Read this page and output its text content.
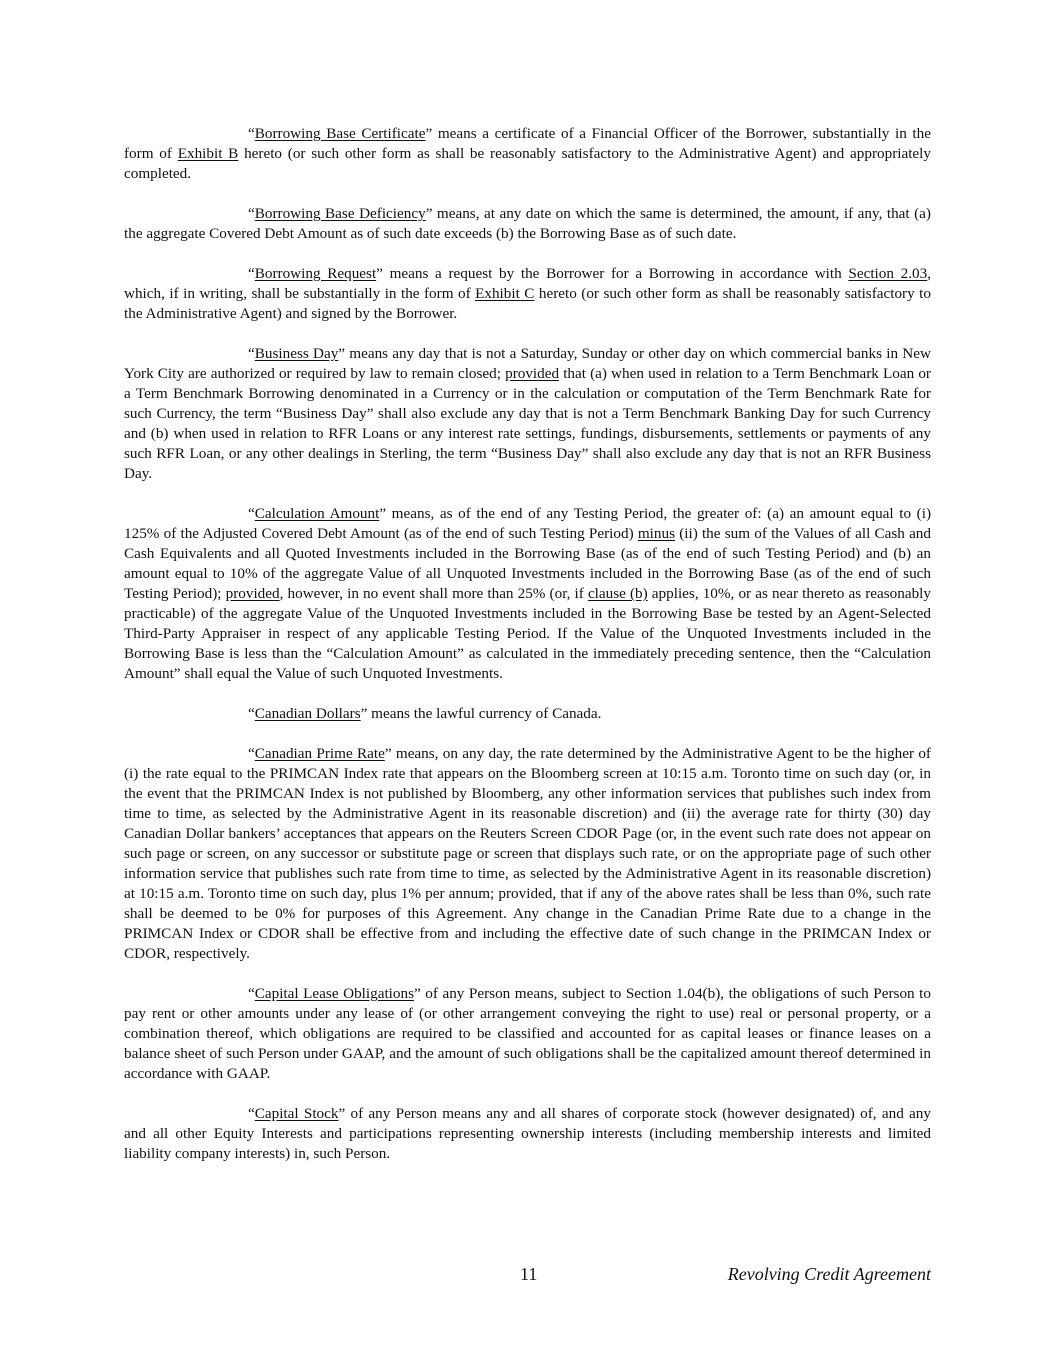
“Borrowing Base Certificate” means a certificate of a Financial Officer of the Borrower, substantially in the form of Exhibit B hereto (or such other form as shall be reasonably satisfactory to the Administrative Agent) and appropriately completed.

“Borrowing Base Deficiency” means, at any date on which the same is determined, the amount, if any, that (a) the aggregate Covered Debt Amount as of such date exceeds (b) the Borrowing Base as of such date.

“Borrowing Request” means a request by the Borrower for a Borrowing in accordance with Section 2.03, which, if in writing, shall be substantially in the form of Exhibit C hereto (or such other form as shall be reasonably satisfactory to the Administrative Agent) and signed by the Borrower.

“Business Day” means any day that is not a Saturday, Sunday or other day on which commercial banks in New York City are authorized or required by law to remain closed; provided that (a) when used in relation to a Term Benchmark Loan or a Term Benchmark Borrowing denominated in a Currency or in the calculation or computation of the Term Benchmark Rate for such Currency, the term “Business Day” shall also exclude any day that is not a Term Benchmark Banking Day for such Currency and (b) when used in relation to RFR Loans or any interest rate settings, fundings, disbursements, settlements or payments of any such RFR Loan, or any other dealings in Sterling, the term “Business Day” shall also exclude any day that is not an RFR Business Day.

“Calculation Amount” means, as of the end of any Testing Period, the greater of: (a) an amount equal to (i) 125% of the Adjusted Covered Debt Amount (as of the end of such Testing Period) minus (ii) the sum of the Values of all Cash and Cash Equivalents and all Quoted Investments included in the Borrowing Base (as of the end of such Testing Period) and (b) an amount equal to 10% of the aggregate Value of all Unquoted Investments included in the Borrowing Base (as of the end of such Testing Period); provided, however, in no event shall more than 25% (or, if clause (b) applies, 10%, or as near thereto as reasonably practicable) of the aggregate Value of the Unquoted Investments included in the Borrowing Base be tested by an Agent-Selected Third-Party Appraiser in respect of any applicable Testing Period. If the Value of the Unquoted Investments included in the Borrowing Base is less than the “Calculation Amount” as calculated in the immediately preceding sentence, then the “Calculation Amount” shall equal the Value of such Unquoted Investments.

“Canadian Dollars” means the lawful currency of Canada.

“Canadian Prime Rate” means, on any day, the rate determined by the Administrative Agent to be the higher of (i) the rate equal to the PRIMCAN Index rate that appears on the Bloomberg screen at 10:15 a.m. Toronto time on such day (or, in the event that the PRIMCAN Index is not published by Bloomberg, any other information services that publishes such index from time to time, as selected by the Administrative Agent in its reasonable discretion) and (ii) the average rate for thirty (30) day Canadian Dollar bankers’ acceptances that appears on the Reuters Screen CDOR Page (or, in the event such rate does not appear on such page or screen, on any successor or substitute page or screen that displays such rate, or on the appropriate page of such other information service that publishes such rate from time to time, as selected by the Administrative Agent in its reasonable discretion) at 10:15 a.m. Toronto time on such day, plus 1% per annum; provided, that if any of the above rates shall be less than 0%, such rate shall be deemed to be 0% for purposes of this Agreement. Any change in the Canadian Prime Rate due to a change in the PRIMCAN Index or CDOR shall be effective from and including the effective date of such change in the PRIMCAN Index or CDOR, respectively.

“Capital Lease Obligations” of any Person means, subject to Section 1.04(b), the obligations of such Person to pay rent or other amounts under any lease of (or other arrangement conveying the right to use) real or personal property, or a combination thereof, which obligations are required to be classified and accounted for as capital leases or finance leases on a balance sheet of such Person under GAAP, and the amount of such obligations shall be the capitalized amount thereof determined in accordance with GAAP.

“Capital Stock” of any Person means any and all shares of corporate stock (however designated) of, and any and all other Equity Interests and participations representing ownership interests (including membership interests and limited liability company interests) in, such Person.

11	Revolving Credit Agreement
